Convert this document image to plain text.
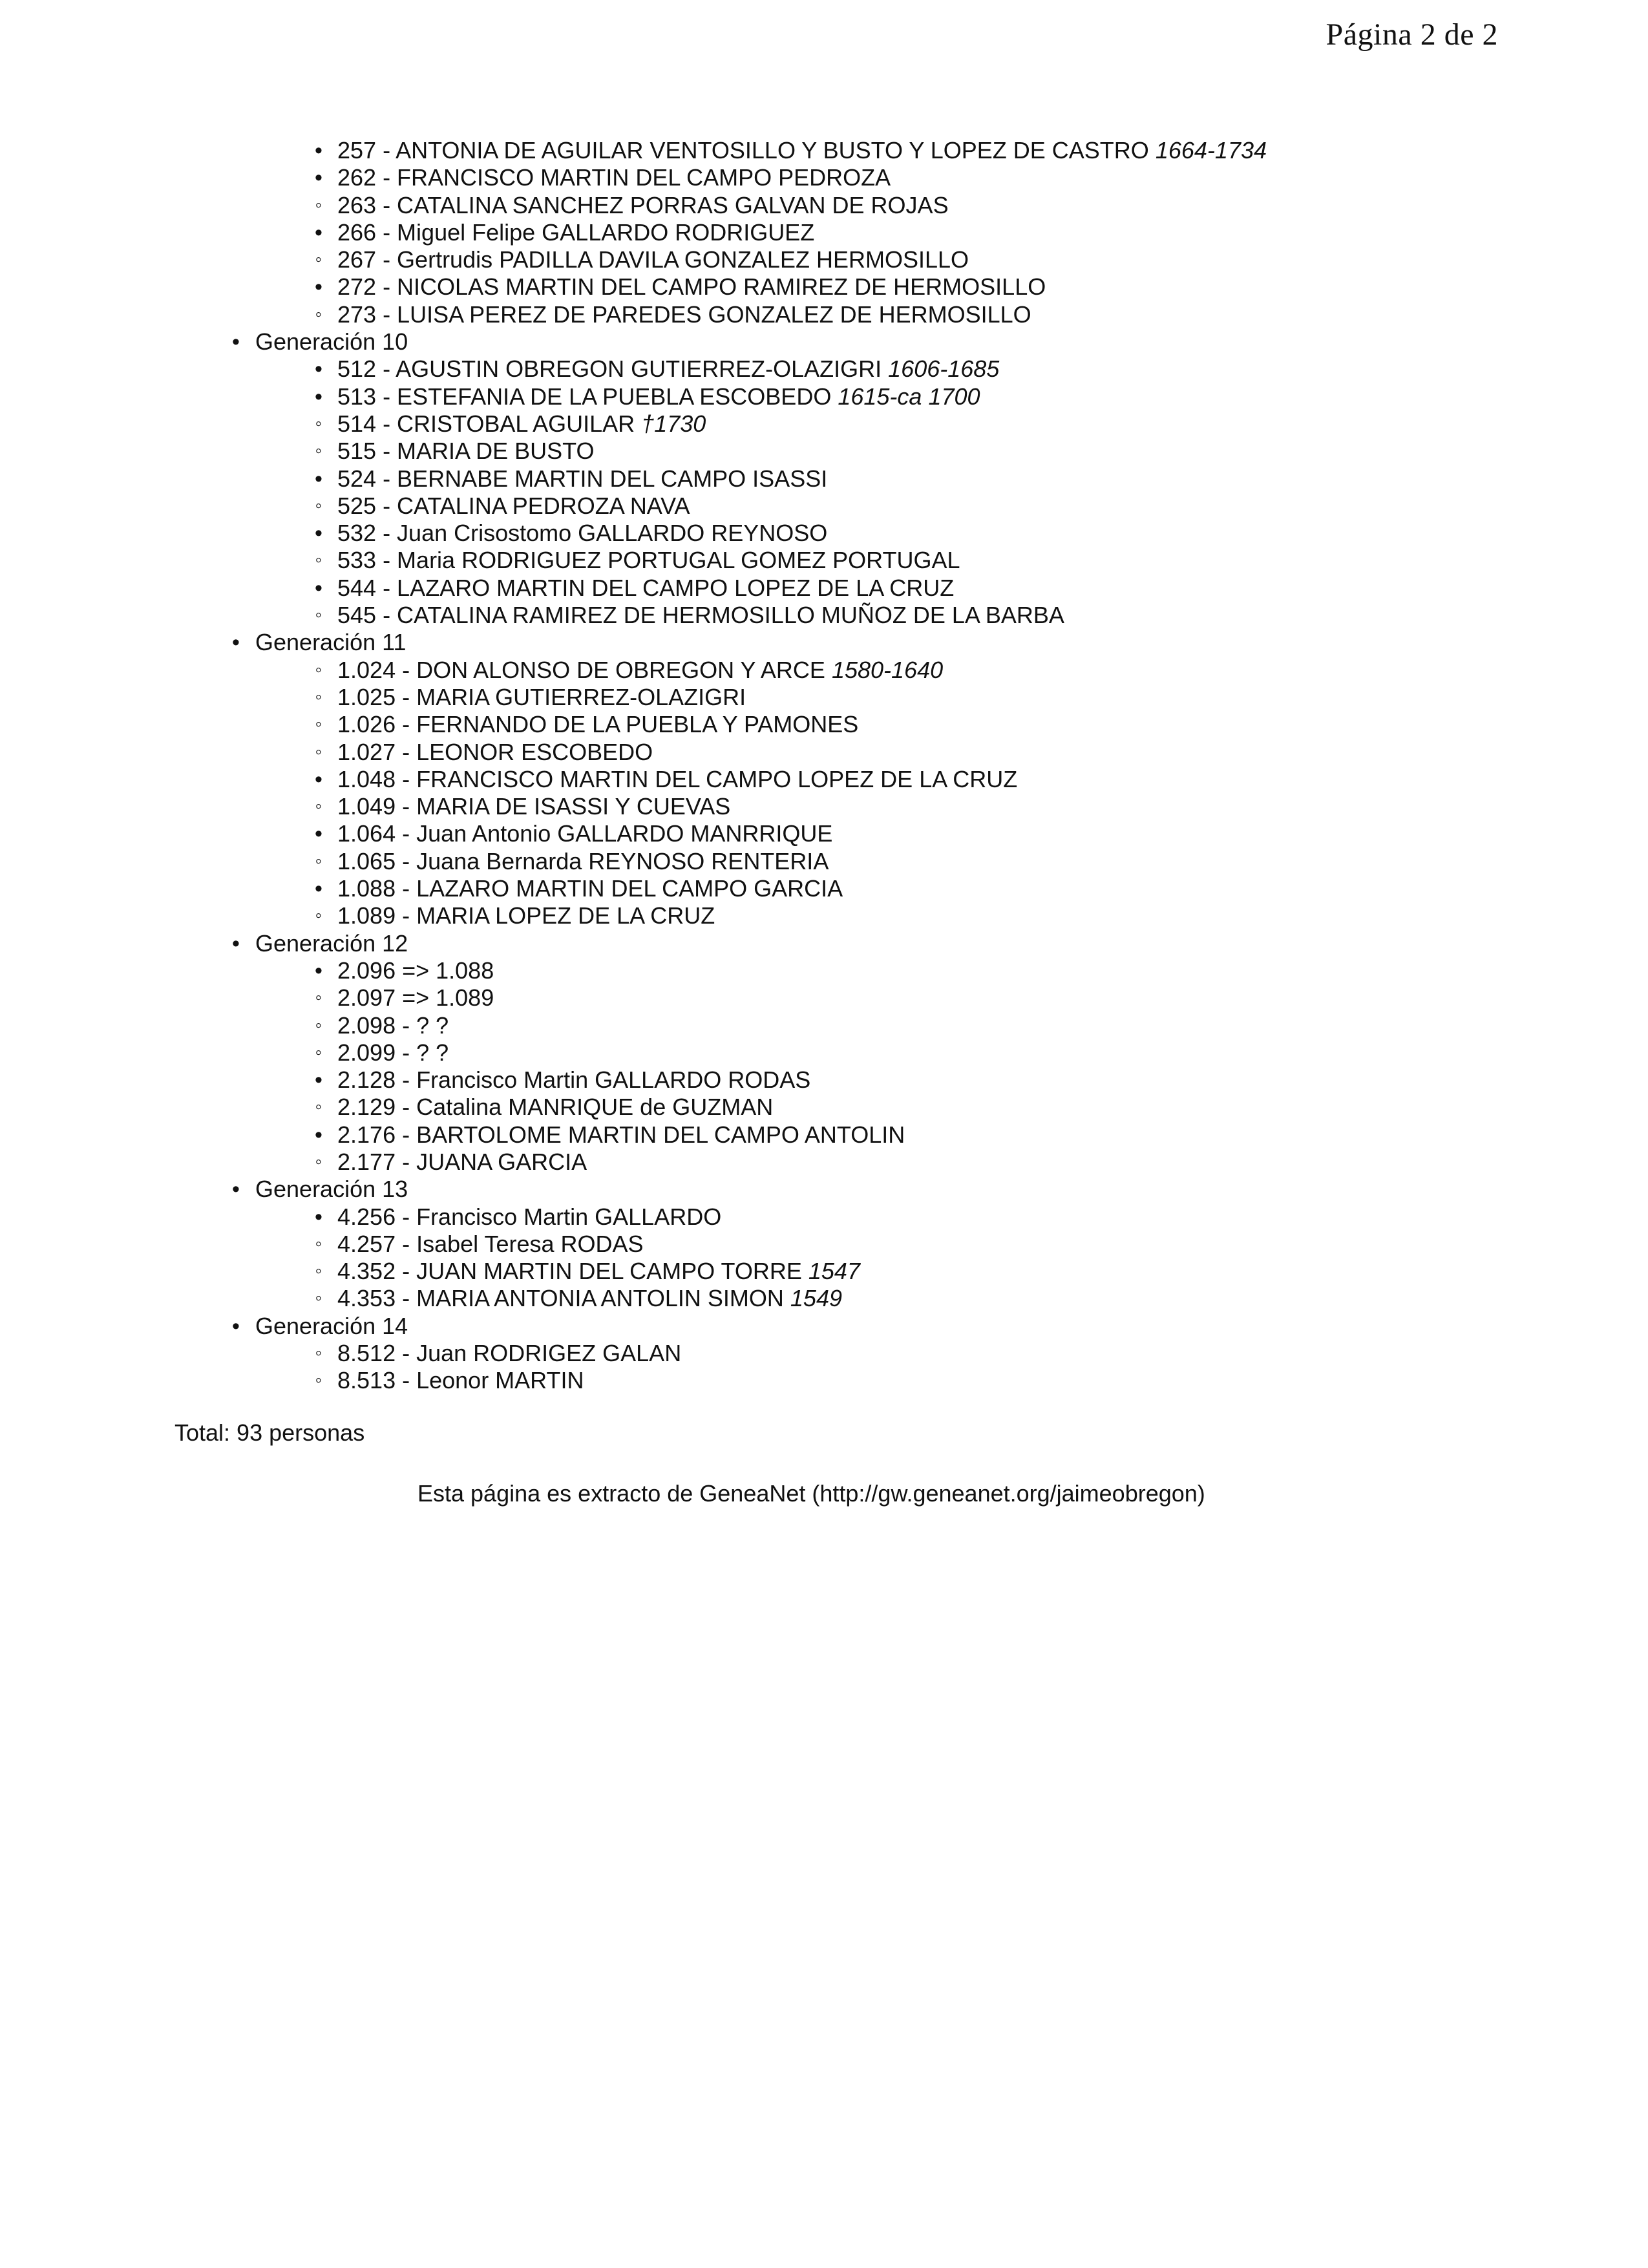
Página 2 de 2
• 257 - ANTONIA DE AGUILAR VENTOSILLO Y BUSTO Y LOPEZ DE CASTRO 1664-1734
• 262 - FRANCISCO MARTIN DEL CAMPO PEDROZA
◦ 263 - CATALINA SANCHEZ PORRAS GALVAN DE ROJAS
• 266 - Miguel Felipe GALLARDO RODRIGUEZ
◦ 267 - Gertrudis PADILLA DAVILA GONZALEZ HERMOSILLO
• 272 - NICOLAS MARTIN DEL CAMPO RAMIREZ DE HERMOSILLO
◦ 273 - LUISA PEREZ DE PAREDES GONZALEZ DE HERMOSILLO
• Generación 10
• 512 - AGUSTIN OBREGON GUTIERREZ-OLAZIGRI 1606-1685
• 513 - ESTEFANIA DE LA PUEBLA ESCOBEDO 1615-ca 1700
◦ 514 - CRISTOBAL AGUILAR †1730
◦ 515 - MARIA DE BUSTO
• 524 - BERNABE MARTIN DEL CAMPO ISASSI
◦ 525 - CATALINA PEDROZA NAVA
• 532 - Juan Crisostomo GALLARDO REYNOSO
◦ 533 - Maria RODRIGUEZ PORTUGAL GOMEZ PORTUGAL
• 544 - LAZARO MARTIN DEL CAMPO LOPEZ DE LA CRUZ
◦ 545 - CATALINA RAMIREZ DE HERMOSILLO MUÑOZ DE LA BARBA
• Generación 11
◦ 1.024 - DON ALONSO DE OBREGON Y ARCE 1580-1640
◦ 1.025 - MARIA GUTIERREZ-OLAZIGRI
◦ 1.026 - FERNANDO DE LA PUEBLA Y PAMONES
◦ 1.027 - LEONOR ESCOBEDO
• 1.048 - FRANCISCO MARTIN DEL CAMPO LOPEZ DE LA CRUZ
◦ 1.049 - MARIA DE ISASSI Y CUEVAS
• 1.064 - Juan Antonio GALLARDO MANRRIQUE
◦ 1.065 - Juana Bernarda REYNOSO RENTERIA
• 1.088 - LAZARO MARTIN DEL CAMPO GARCIA
◦ 1.089 - MARIA LOPEZ DE LA CRUZ
• Generación 12
• 2.096 => 1.088
◦ 2.097 => 1.089
◦ 2.098 - ? ?
◦ 2.099 - ? ?
• 2.128 - Francisco Martin GALLARDO RODAS
◦ 2.129 - Catalina MANRIQUE de GUZMAN
• 2.176 - BARTOLOME MARTIN DEL CAMPO ANTOLIN
◦ 2.177 - JUANA GARCIA
• Generación 13
• 4.256 - Francisco Martin GALLARDO
◦ 4.257 - Isabel Teresa RODAS
◦ 4.352 - JUAN MARTIN DEL CAMPO TORRE 1547
◦ 4.353 - MARIA ANTONIA ANTOLIN SIMON 1549
• Generación 14
◦ 8.512 - Juan RODRIGEZ GALAN
◦ 8.513 - Leonor MARTIN
Total: 93 personas
Esta página es extracto de GeneaNet (http://gw.geneanet.org/jaimeobregon)
